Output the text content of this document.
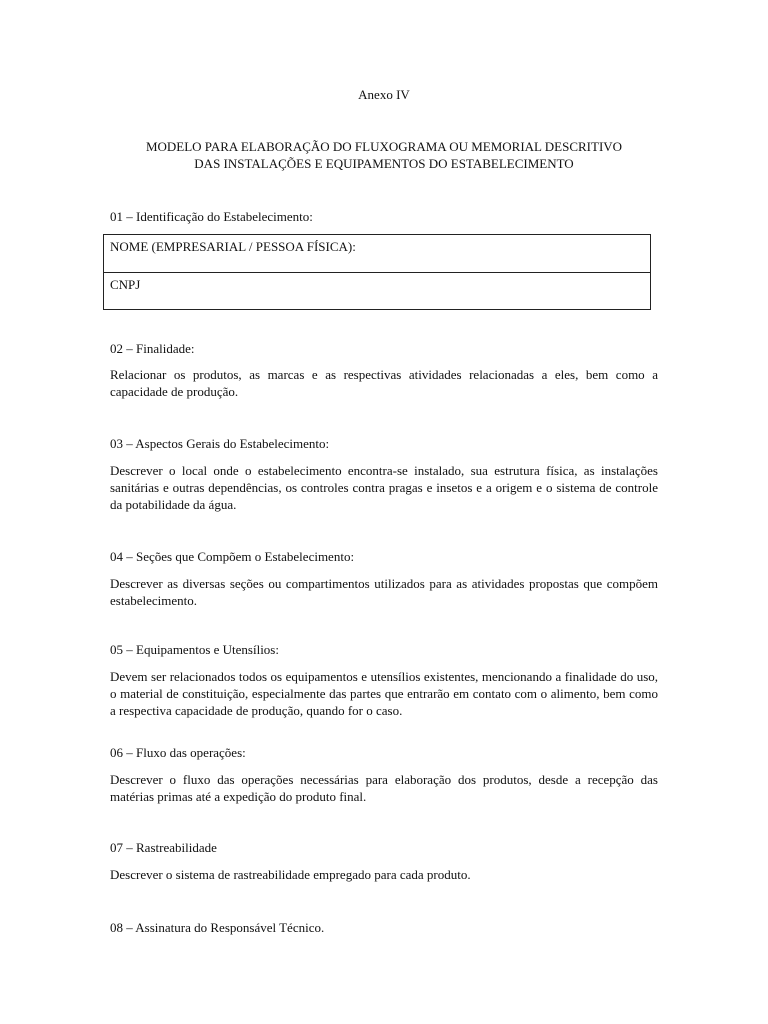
Anexo IV
MODELO PARA ELABORAÇÃO DO FLUXOGRAMA OU MEMORIAL DESCRITIVO
DAS INSTALAÇÕES E EQUIPAMENTOS DO ESTABELECIMENTO
01 – Identificação do Estabelecimento:
NOME (EMPRESARIAL / PESSOA FÍSICA):
CNPJ
02 – Finalidade:
Relacionar os produtos, as marcas e as respectivas atividades relacionadas a eles, bem como a capacidade de produção.
03 – Aspectos Gerais do Estabelecimento:
Descrever o local onde o estabelecimento encontra-se instalado, sua estrutura física, as instalações sanitárias e outras dependências, os controles contra pragas e insetos e a origem e o sistema de controle da potabilidade da água.
04 – Seções que Compõem o Estabelecimento:
Descrever as diversas seções ou compartimentos utilizados para as atividades propostas que compõem estabelecimento.
05 – Equipamentos e Utensílios:
Devem ser relacionados todos os equipamentos e utensílios existentes, mencionando a finalidade do uso, o material de constituição, especialmente das partes que entrarão em contato com o alimento, bem como a respectiva capacidade de produção, quando for o caso.
06 – Fluxo das operações:
Descrever o fluxo das operações necessárias para elaboração dos produtos, desde a recepção das matérias primas até a expedição do produto final.
07 – Rastreabilidade
Descrever o sistema de rastreabilidade empregado para cada produto.
08 – Assinatura do Responsável Técnico.
